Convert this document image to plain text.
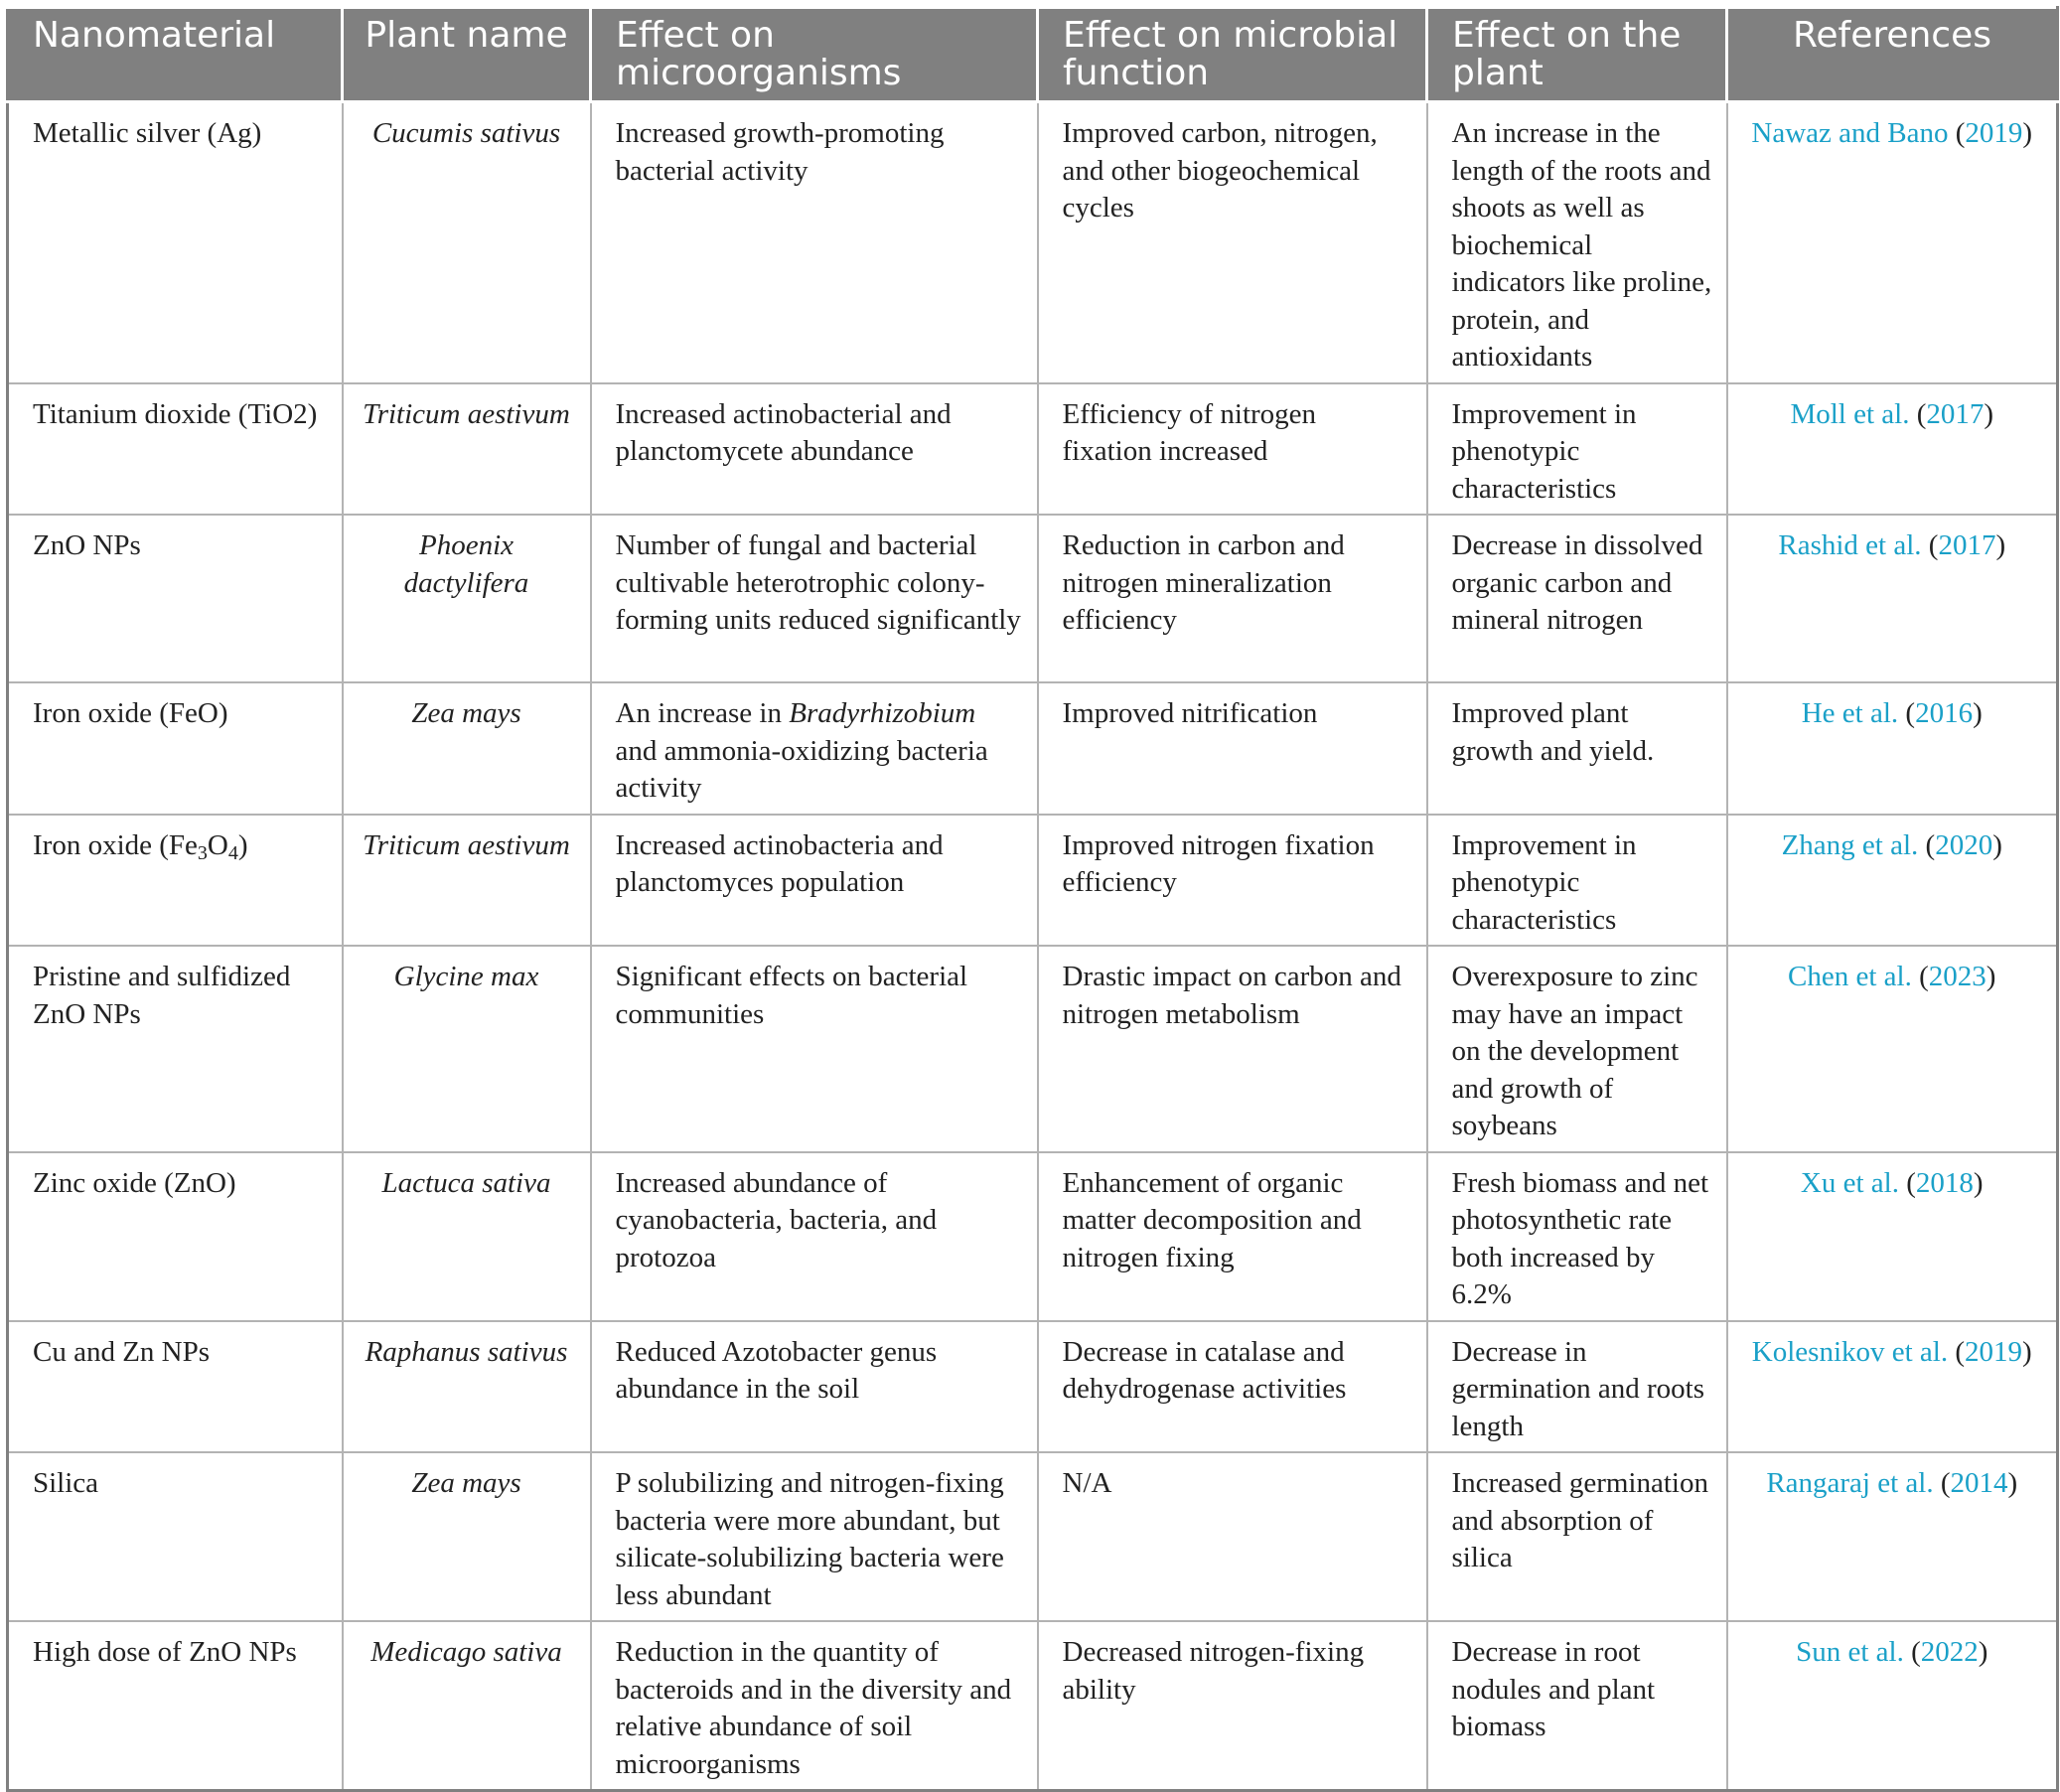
Nanomaterial	Plant name	Effect on microorganisms	Effect on microbial function	Effect on the plant	References
Metallic silver (Ag)	Cucumis sativus	Increased growth-promoting bacterial activity	Improved carbon, nitrogen, and other biogeochemical cycles	An increase in the length of the roots and shoots as well as biochemical indicators like proline, protein, and antioxidants	Nawaz and Bano (2019)
Titanium dioxide (TiO2)	Triticum aestivum	Increased actinobacterial and planctomycete abundance	Efficiency of nitrogen fixation increased	Improvement in phenotypic characteristics	Moll et al. (2017)
ZnO NPs	Phoenix dactylifera	Number of fungal and bacterial cultivable heterotrophic colony-forming units reduced significantly	Reduction in carbon and nitrogen mineralization efficiency	Decrease in dissolved organic carbon and mineral nitrogen	Rashid et al. (2017)
Iron oxide (FeO)	Zea mays	An increase in Bradyrhizobium and ammonia-oxidizing bacteria activity	Improved nitrification	Improved plant growth and yield.	He et al. (2016)
Iron oxide $(Fe_3O_4)$	Triticum aestivum	Increased actinobacteria and planctomyces population	Improved nitrogen fixation efficiency	Improvement in phenotypic characteristics	Zhang et al. (2020)
Pristine and sulfidized ZnO NPs	Glycine max	Significant effects on bacterial communities	Drastic impact on carbon and nitrogen metabolism	Overexposure to zinc may have an impact on the development and growth of soybeans	Chen et al. (2023)
Zinc oxide (ZnO)	Lactuca sativa	Increased abundance of cyanobacteria, bacteria, and protozoa	Enhancement of organic matter decomposition and nitrogen fixing	Fresh biomass and net photosynthetic rate both increased by 6.2%	Xu et al. (2018)
Cu and Zn NPs	Raphanus sativus	Reduced Azotobacter genus abundance in the soil	Decrease in catalase and dehydrogenase activities	Decrease in germination and roots length	Kolesnikov et al. (2019)
Silica	Zea mays	P solubilizing and nitrogen-fixing bacteria were more abundant, but silicate-solubilizing bacteria were less abundant	N/A	Increased germination and absorption of silica	Rangaraj et al. (2014)
High dose of ZnO NPs	Medicago sativa	Reduction in the quantity of bacteroids and in the diversity and relative abundance of soil microorganisms	Decreased nitrogen-fixing ability	Decrease in root nodules and plant biomass	Sun et al. (2022)
